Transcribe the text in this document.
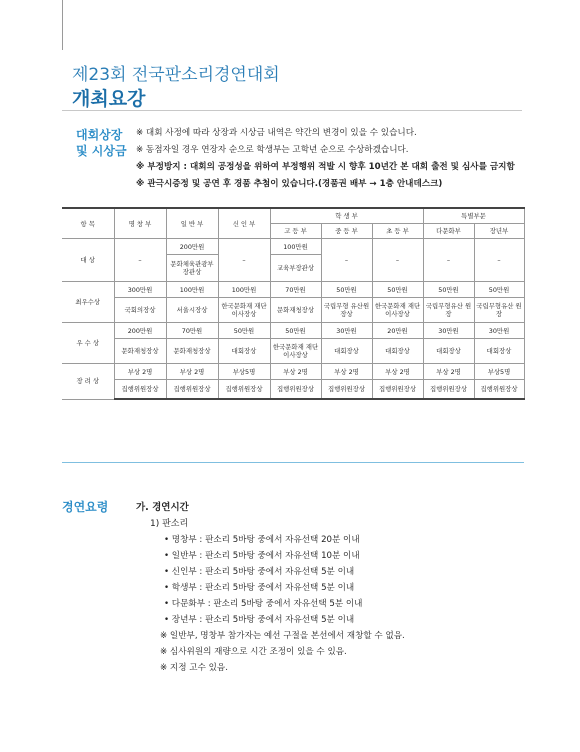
제23회 전국판소리경연대회
개최요강
대회상장
및 시상금
※ 대회 사정에 따라 상장과 시상금 내역은 약간의 변경이 있을 수 있습니다.
※ 동점자일 경우 연장자 순으로 학생부는 고학년 순으로 수상하겠습니다.
※ 부정방지 : 대회의 공정성을 위하여 부정행위 적발 시 향후 10년간 본 대회 출전 및 심사를 금지함
※ 관극시증정 및 공연 후 경품 추첨이 있습니다.(경품권 배부 → 1층 안내데스크)
항 목	명 창 부	일 반 부	신 인 부	학 생 부			특별부문	
				고 등 부	중 등 부	초 등 부	다문화부	장년부
대 상	–	200만원	–	100만원	–	–	–	–
		문화체육관광부 장관상		교육부장관상				
최우수상	300만원	100만원	100만원	70만원	50만원	50만원	50만원	50만원
	국회의장상	서울시장상	한국문화재 재단이사장상	문화재청장상	국립무형 유산원장상	한국문화재 재단이사장상	국립무형유산 원장	국립무형유산 원장
우 수 상	200만원	70만원	50만원	50만원	30만원	20만원	30만원	30만원
	문화재청장상	문화재청장상	대회장상	한국문화재 재단이사장상	대회장상	대회장상	대회장상	대회장상
장 려 상	부상 2명	부상 2명	부상5명	부상 2명	부상 2명	부상 2명	부상 2명	부상5명
	집행위원장상	집행위원장상	집행위원장상	집행위원장상	집행위원장상	집행위원장상	집행위원장상	집행위원장상
경연요령	가. 경연시간
1) 판소리
• 명창부 : 판소리 5바탕 중에서 자유선택 20분 이내
• 일반부 : 판소리 5바탕 중에서 자유선택 10분 이내
• 신인부 : 판소리 5바탕 중에서 자유선택 5분 이내
• 학생부 : 판소리 5바탕 중에서 자유선택 5분 이내
• 다문화부 : 판소리 5바탕 중에서 자유선택 5분 이내
• 장년부 : 판소리 5바탕 중에서 자유선택 5분 이내
※ 일반부, 명창부 참가자는 예선 구절을 본선에서 재창할 수 없음.
※ 심사위원의 재량으로 시간 조정이 있을 수 있음.
※ 지정 고수 있음.
